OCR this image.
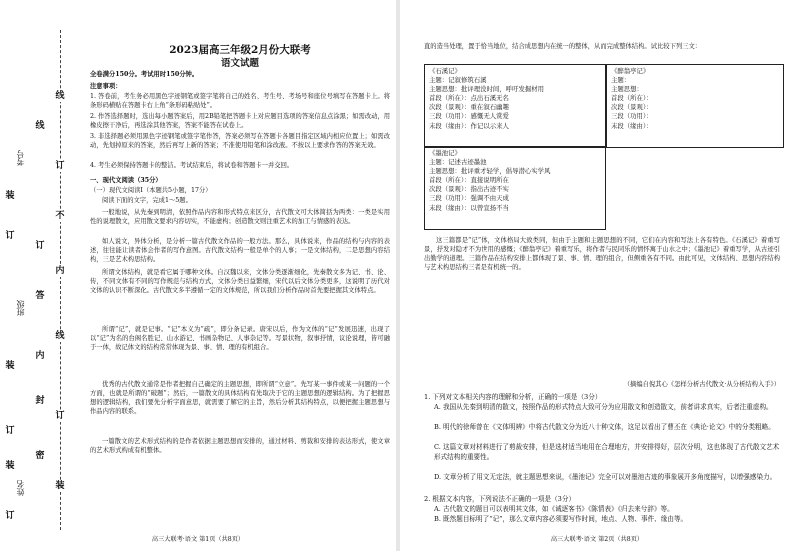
线
订
不
内
线
订
装
考号
班级
姓名
线
订
答
内
封
密
装
订
装
订
装
订
2023届高三年级2月份大联考
语文试题
全卷满分150分。考试用时150分钟。
注意事项：
1. 答卷前，考生务必用黑色字迹钢笔或签字笔将自己的姓名、考生号、考场号和座位号填写在答题卡上。将条形码横贴在答题卡右上角“条形码粘贴处”。
2. 作答选择题时，选出每小题答案后，用2B铅笔把答题卡上对应题目选项的答案信息点涂黑；如需改动，用橡皮擦干净后，再选涂其他答案，答案不能答在试卷上。
3. 非选择题必须用黑色字迹钢笔或签字笔作答，答案必须写在答题卡各题目指定区域内相应位置上；如需改动，先划掉原来的答案，然后再写上新的答案；不准使用铅笔和涂改液。不按以上要求作答的答案无效。
4. 考生必须保持答题卡的整洁。考试结束后，将试卷和答题卡一并交回。
一、现代文阅读（35分）
（一）现代文阅读Ⅰ（本题共5小题，17分）
阅读下面的文字，完成1～5题。
一般地说，从先秦到明清，依照作品内容和形式特点来区分，古代散文可大体简括为两类：一类是实用性的说理散文，应用散文要求内容切实，不能虚构；创造散文则注重艺术的加工与情感的表达。
如人说文，异体分析，是分析一篇古代散文作品的一般方法。那么，具体说来，作品的结构与内容的表述，往往能让读者体会作者的写作意图。古代散文结构一般是单个的人事；一是文体结构，二是思想内容结构，三是艺术构思结构。
所谓文体结构，就是看它属于哪种文体。自汉魏以来，文体分类逐渐细化，先秦散文多为记、书、论、传，不同文体有不同的写作规范与结构方式，文体分类日益繁细，宋代以后文体分类更多，这说明了历代对文体的认识不断深化。古代散文多半遵循一定的文体规范，所以我们分析作品时首先要把握其文体特点。
所谓“记”，就是记事。“记”本义为“疏”，即分条记录。唐宋以后，作为文体的“记”发展迅速，出现了以“记”为名的台阁名胜记、山水游记、书画杂物记、人事杂记等。写景状物，叙事抒情，议论说理，皆可融于一体，故记体文的结构常常体现为景、事、情、理的有机组合。
优秀的古代散文通常是作者把握自己确定的主题思想，即所谓“立意”。先写某一事件或某一问题的一个方面，也就是所谓的“破题”；然后，一篇散文的具体结构有先取决于它的主题思想的逻辑结构。为了把握思想的逻辑结构，我们要先分析字面意思，就需要了解它的主旨，然后分析其结构特点，以便把握主题思想与作品内容的联系。
一篇散文的艺术形式结构的是作者依据主题思想而安排的，通过材料、剪裁和安排的表达形式，使文章的艺术形式构成有机整体。
高三大联考·语文 第1页（共8页）
直的造当处理，置于恰当地位，结合成思想内在统一的整体，从而完成整体结构。试比较下列三文：
《石溪记》
主题：记叙修筑石溪
主题思想：批评理没时间，呼吁发掘材用
首段（所在）：点出石溪无名
次段（景观）：重在叙石幽趣
三段（功用）：感慨无人赏爱
末段（缘由）：作记以示来人
《醉翁亭记》
主题：
主题思想：
首段（所在）：
次段（景观）：
三段（功用）：
末段（缘由）：
《墨池记》
主题：记述古迹墨池
主题思想：批评重才轻学，倡导潜心实学风
首段（所在）：直接说明所在
次段（景观）：指出古迹不实
三段（功用）：强调不由天成
末段（缘由）：以曾宣扬不当
这三篇都是“记”体，文体格局大致类同，但由于主题和主题思想的不同，它们在内容和写法上各有特色。《石溪记》着重写景，抒发对隐才不为世用的感慨；《醉翁亭记》着重写乐，将作者与民同乐的情怀寓于山水之中；《墨池记》着重写学，从古迹引出勤学的道理。三篇作品在结构安排上都体现了景、事、情、理的组合，但侧重各有不同。由此可见，文体结构、思想内容结构与艺术构思结构三者是有机统一的。
（摘编自倪其心《怎样分析古代散文·从分析结构入手》）
1. 下列对文本相关内容的理解和分析，正确的一项是（3分）
A. 我国从先秦到明清的散文，按照作品的形式特点大致可分为应用散文和创造散文，前者讲求真实，后者注重虚构。
B. 明代的徐师曾在《文体明辨》中将古代散文分为近八十种文体，这足以看出了曹丕在《典论·论文》中的分类粗略。
C. 这篇文章对材料进行了剪裁安排，但是选材适当地用在合理地方，并安排得好，层次分明，这也体现了古代散文艺术形式结构的重要性。
D. 文章分析了用文无定法，就主题思想来说，《墨池记》完全可以对墨池古迹的事象展开多角度描写，以增强感染力。
2. 根据文本内容，下列说法不正确的一项是（3分）
A. 古代散文的题目可以表明其文体，如《诫逐客书》《陈情表》《归去来兮辞》等。
B. 既然题目标明了“记”，那么文章内容必须要写作时间，地点、人物、事件、缘由等。
高三大联考·语文 第2页（共8页）
